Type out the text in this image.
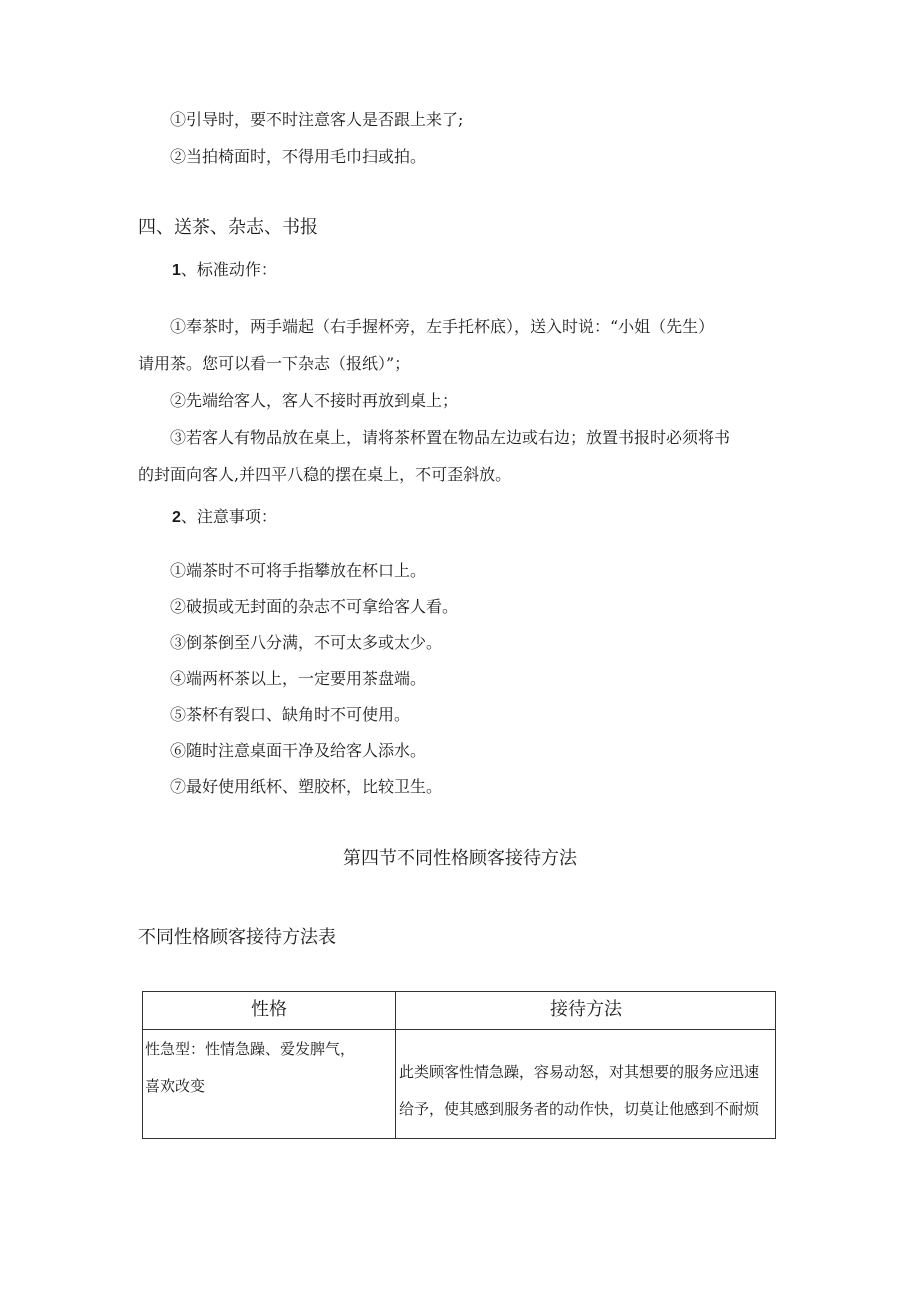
①引导时，要不时注意客人是否跟上来了;
②当拍椅面时，不得用毛巾扫或拍。
四、送茶、杂志、书报
1、标准动作：
①奉茶时，两手端起（右手握杯旁，左手托杯底），送入时说：“小姐（先生）
请用茶。您可以看一下杂志（报纸）”；
②先端给客人，客人不接时再放到桌上；
③若客人有物品放在桌上，请将茶杯置在物品左边或右边；放置书报时必须将书
的封面向客人,并四平八稳的摆在桌上，不可歪斜放。
2、注意事项：
①端茶时不可将手指攀放在杯口上。
②破损或无封面的杂志不可拿给客人看。
③倒茶倒至八分满，不可太多或太少。
④端两杯茶以上，一定要用茶盘端。
⑤茶杯有裂口、缺角时不可使用。
⑥随时注意桌面干净及给客人添水。
⑦最好使用纸杯、塑胶杯，比较卫生。
第四节不同性格顾客接待方法
不同性格顾客接待方法表
性格	接待方法
性急型：性情急躁、爱发脾气，
喜欢改变
此类顾客性情急躁，容易动怒，对其想要的服务应迅速
给予，使其感到服务者的动作快，切莫让他感到不耐烦
